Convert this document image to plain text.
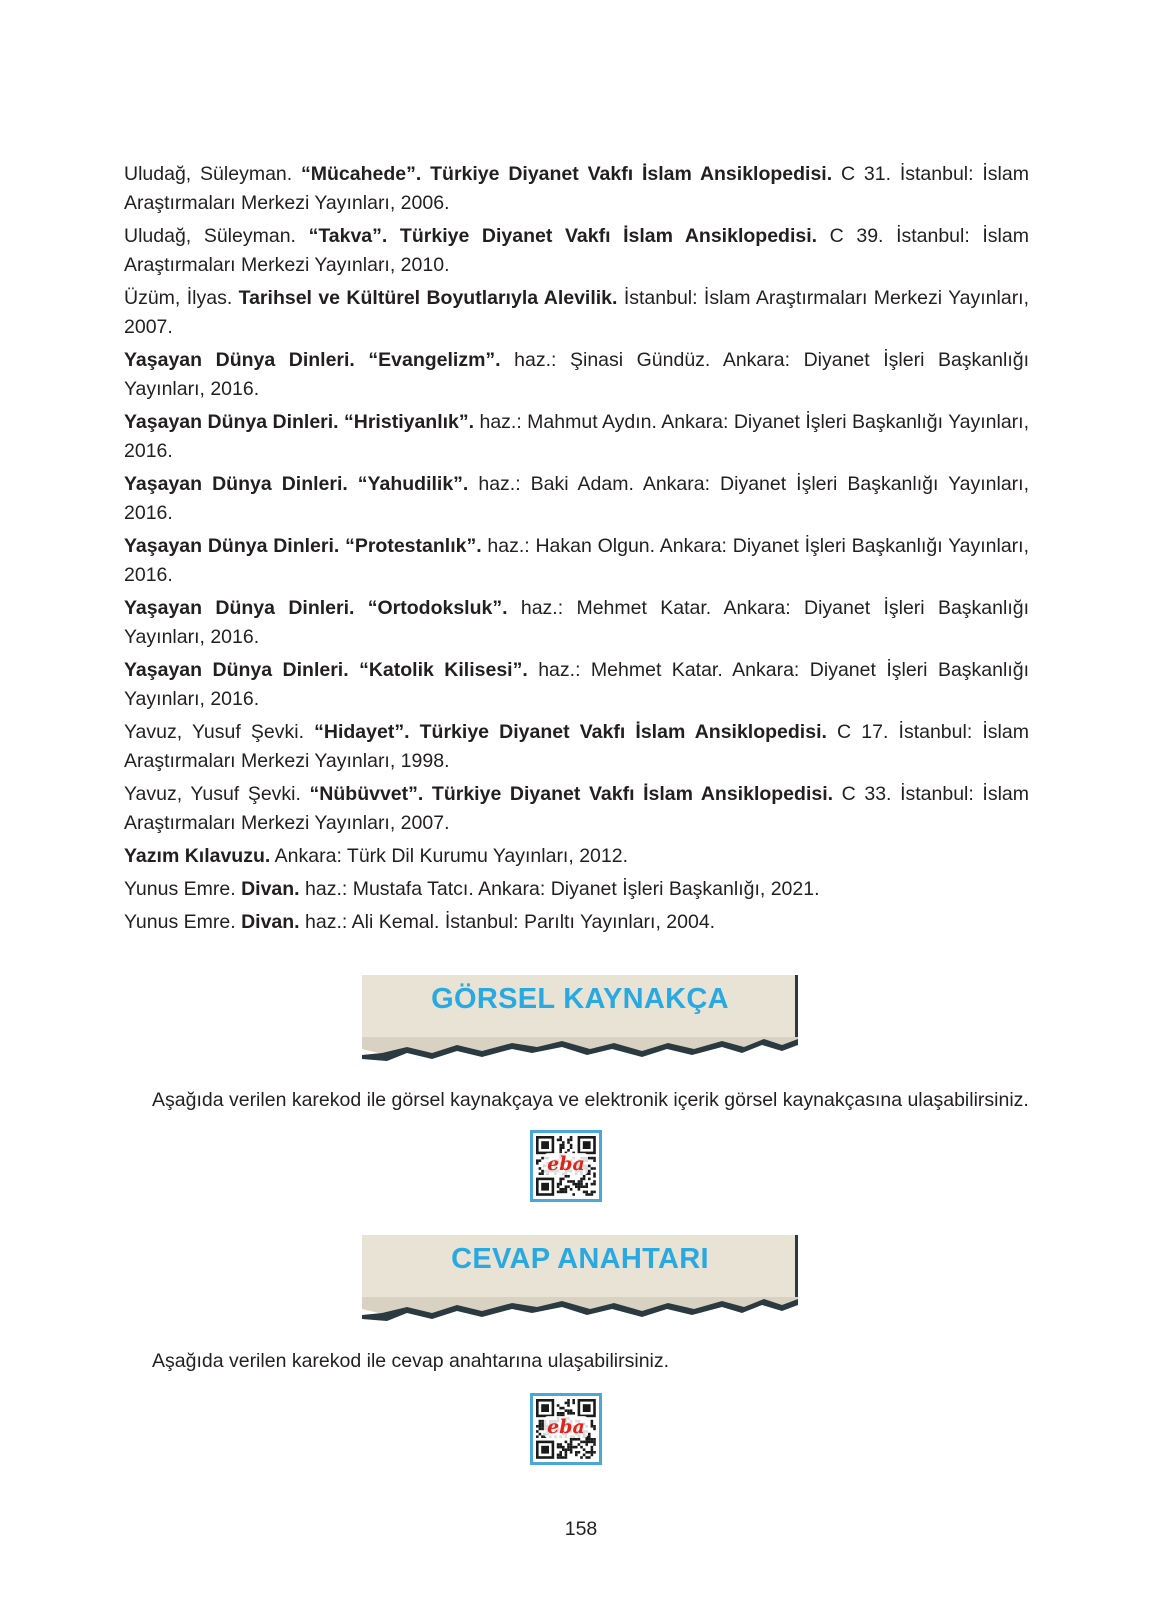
Uludağ, Süleyman. “Mücahede”. Türkiye Diyanet Vakfı İslam Ansiklopedisi. C 31. İstanbul: İslam Araştırmaları Merkezi Yayınları, 2006.

Uludağ, Süleyman. “Takva”. Türkiye Diyanet Vakfı İslam Ansiklopedisi. C 39. İstanbul: İslam Araştırmaları Merkezi Yayınları, 2010.

Üzüm, İlyas. Tarihsel ve Kültürel Boyutlarıyla Alevilik. İstanbul: İslam Araştırmaları Merkezi Yayınları, 2007.

Yaşayan Dünya Dinleri. “Evangelizm”. haz.: Şinasi Gündüz. Ankara: Diyanet İşleri Başkanlığı Yayınları, 2016.

Yaşayan Dünya Dinleri. “Hristiyanlık”. haz.: Mahmut Aydın. Ankara: Diyanet İşleri Başkanlığı Yayınları, 2016.

Yaşayan Dünya Dinleri. “Yahudilik”. haz.: Baki Adam. Ankara: Diyanet İşleri Başkanlığı Yayınları, 2016.

Yaşayan Dünya Dinleri. “Protestanlık”. haz.: Hakan Olgun. Ankara: Diyanet İşleri Başkanlığı Yayınları, 2016.

Yaşayan Dünya Dinleri. “Ortodoksluk”. haz.: Mehmet Katar. Ankara: Diyanet İşleri Başkanlığı Yayınları, 2016.

Yaşayan Dünya Dinleri. “Katolik Kilisesi”. haz.: Mehmet Katar. Ankara: Diyanet İşleri Başkanlığı Yayınları, 2016.

Yavuz, Yusuf Şevki. “Hidayet”. Türkiye Diyanet Vakfı İslam Ansiklopedisi. C 17. İstanbul: İslam Araştırmaları Merkezi Yayınları, 1998.

Yavuz, Yusuf Şevki. “Nübüvvet”. Türkiye Diyanet Vakfı İslam Ansiklopedisi. C 33. İstanbul: İslam Araştırmaları Merkezi Yayınları, 2007.

Yazım Kılavuzu. Ankara: Türk Dil Kurumu Yayınları, 2012.

Yunus Emre. Divan. haz.: Mustafa Tatcı. Ankara: Diyanet İşleri Başkanlığı, 2021.

Yunus Emre. Divan. haz.: Ali Kemal. İstanbul: Parıltı Yayınları, 2004.

GÖRSEL KAYNAKÇA
Aşağıda verilen karekod ile görsel kaynakçaya ve elektronik içerik görsel kaynakçasına ulaşabilirsiniz.
eba
CEVAP ANAHTARI
Aşağıda verilen karekod ile cevap anahtarına ulaşabilirsiniz.
eba
158
